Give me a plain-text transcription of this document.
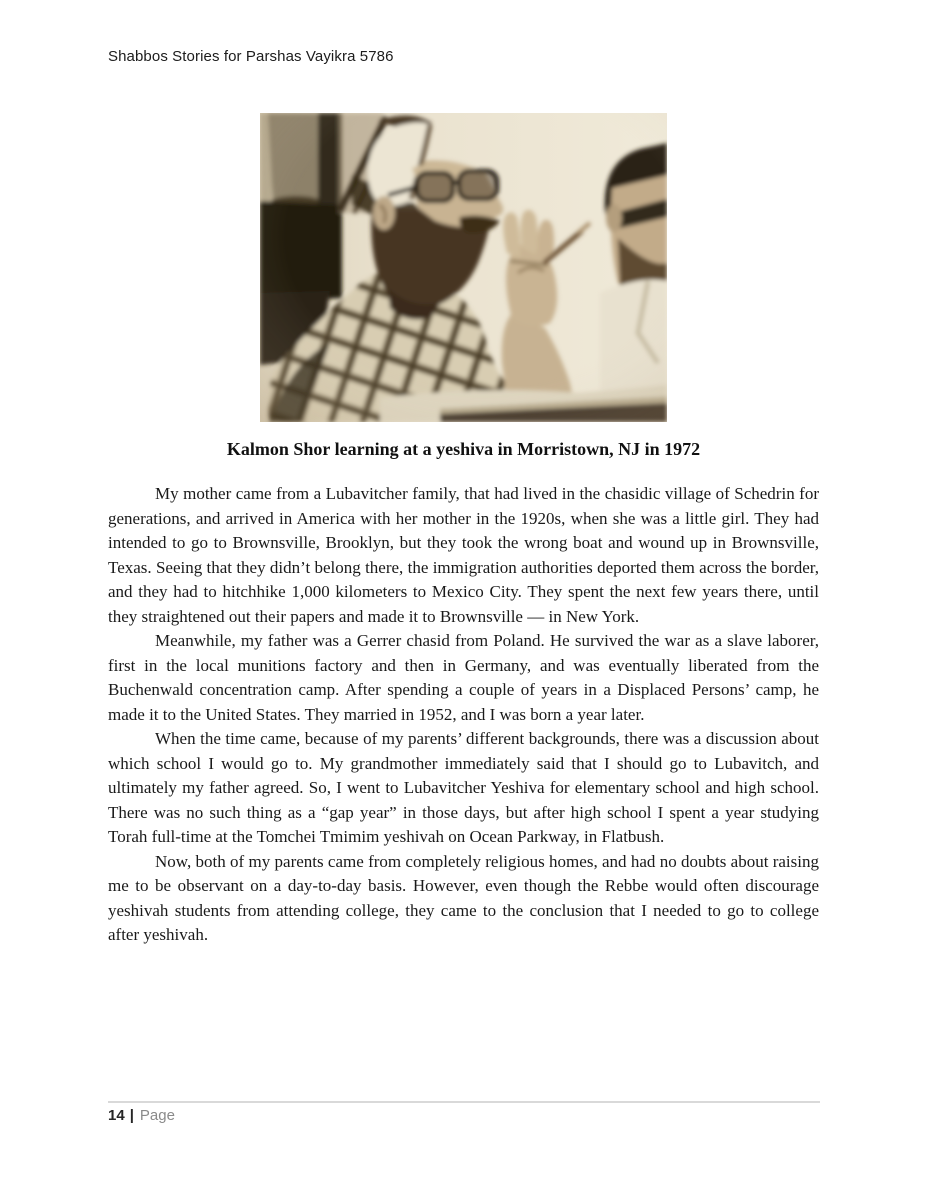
Shabbos Stories for Parshas Vayikra 5786
Kalmon Shor learning at a yeshiva in Morristown, NJ in 1972

My mother came from a Lubavitcher family, that had lived in the chasidic village of Schedrin for generations, and arrived in America with her mother in the 1920s, when she was a little girl. They had intended to go to Brownsville, Brooklyn, but they took the wrong boat and wound up in Brownsville, Texas. Seeing that they didn’t belong there, the immigration authorities deported them across the border, and they had to hitchhike 1,000 kilometers to Mexico City. They spent the next few years there, until they straightened out their papers and made it to Brownsville — in New York.

Meanwhile, my father was a Gerrer chasid from Poland. He survived the war as a slave laborer, first in the local munitions factory and then in Germany, and was eventually liberated from the Buchenwald concentration camp. After spending a couple of years in a Displaced Persons’ camp, he made it to the United States. They married in 1952, and I was born a year later.

When the time came, because of my parents’ different backgrounds, there was a discussion about which school I would go to. My grandmother immediately said that I should go to Lubavitch, and ultimately my father agreed. So, I went to Lubavitcher Yeshiva for elementary school and high school. There was no such thing as a “gap year” in those days, but after high school I spent a year studying Torah full-time at the Tomchei Tmimim yeshivah on Ocean Parkway, in Flatbush.

Now, both of my parents came from completely religious homes, and had no doubts about raising me to be observant on a day-to-day basis. However, even though the Rebbe would often discourage yeshivah students from attending college, they came to the conclusion that I needed to go to college after yeshivah.

14 | Page
